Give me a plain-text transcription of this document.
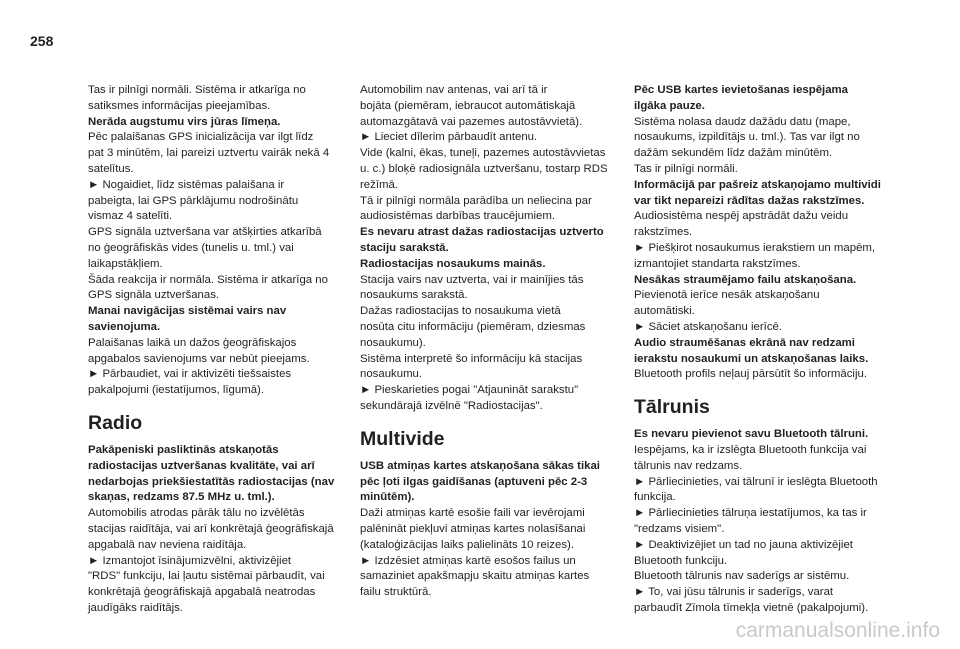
258

Tas ir pilnīgi normāli. Sistēma ir atkarīga no

satiksmes informācijas pieejamības.

Nerāda augstumu virs jūras līmeņa.

Pēc palaišanas GPS inicializācija var ilgt līdz

pat 3 minūtēm, lai pareizi uztvertu vairāk nekā 4

satelītus.

► Nogaidiet, līdz sistēmas palaišana ir

pabeigta, lai GPS pārklājumu nodrošinātu

vismaz 4 satelīti.

GPS signāla uztveršana var atšķirties atkarībā

no ģeogrāfiskās vides (tunelis u. tml.) vai

laikapstākļiem.

Šāda reakcija ir normāla. Sistēma ir atkarīga no

GPS signāla uztveršanas.

Manai navigācijas sistēmai vairs nav

savienojuma.

Palaišanas laikā un dažos ģeogrāfiskajos

apgabalos savienojums var nebūt pieejams.

► Pārbaudiet, vai ir aktivizēti tiešsaistes

pakalpojumi (iestatījumos, līgumā).

Radio

Pakāpeniski pasliktinās atskaņotās

radiostacijas uztveršanas kvalitāte, vai arī

nedarbojas priekšiestatītās radiostacijas (nav

skaņas, redzams 87.5 MHz u. tml.).

Automobilis atrodas pārāk tālu no izvēlētās

stacijas raidītāja, vai arī konkrētajā ģeogrāfiskajā

apgabalā nav neviena raidītāja.

► Izmantojot īsinājumizvēlni, aktivizējiet

"RDS" funkciju, lai ļautu sistēmai pārbaudīt, vai

konkrētajā ģeogrāfiskajā apgabalā neatrodas

jaudīgāks raidītājs.

Automobilim nav antenas, vai arī tā ir

bojāta (piemēram, iebraucot automātiskajā

automazgātavā vai pazemes autostāvvietā).

► Lieciet dīlerim pārbaudīt antenu.

Vide (kalni, ēkas, tuneļi, pazemes autostāvvietas

u. c.) bloķē radiosignāla uztveršanu, tostarp RDS

režīmā.

Tā ir pilnīgi normāla parādība un neliecina par

audiosistēmas darbības traucējumiem.

Es nevaru atrast dažas radiostacijas uztverto

staciju sarakstā.

Radiostacijas nosaukums mainās.

Stacija vairs nav uztverta, vai ir mainījies tās

nosaukums sarakstā.

Dažas radiostacijas to nosaukuma vietā

nosūta citu informāciju (piemēram, dziesmas

nosaukumu).

Sistēma interpretē šo informāciju kā stacijas

nosaukumu.

► Pieskarieties pogai "Atjaunināt sarakstu"

sekundārajā izvēlnē "Radiostacijas".

Multivide

USB atmiņas kartes atskaņošana sākas tikai

pēc ļoti ilgas gaidīšanas (aptuveni pēc 2-3

minūtēm).

Daži atmiņas kartē esošie faili var ievērojami

palēnināt piekļuvi atmiņas kartes nolasīšanai

(kataloģizācijas laiks palielināts 10 reizes).

► Izdzēsiet atmiņas kartē esošos failus un

samaziniet apakšmapju skaitu atmiņas kartes

failu struktūrā.

Pēc USB kartes ievietošanas iespējama

ilgāka pauze.

Sistēma nolasa daudz dažādu datu (mape,

nosaukums, izpildītājs u. tml.). Tas var ilgt no

dažām sekundēm līdz dažām minūtēm.

Tas ir pilnīgi normāli.

Informācijā par pašreiz atskaņojamo multividi

var tikt nepareizi rādītas dažas rakstzīmes.

Audiosistēma nespēj apstrādāt dažu veidu

rakstzīmes.

► Piešķirot nosaukumus ierakstiem un mapēm,

izmantojiet standarta rakstzīmes.

Nesākas straumējamo failu atskaņošana.

Pievienotā ierīce nesāk atskaņošanu

automātiski.

► Sāciet atskaņošanu ierīcē.

Audio straumēšanas ekrānā nav redzami

ierakstu nosaukumi un atskaņošanas laiks.

Bluetooth profils neļauj pārsūtīt šo informāciju.

Tālrunis

Es nevaru pievienot savu Bluetooth tālruni.

Iespējams, ka ir izslēgta Bluetooth funkcija vai

tālrunis nav redzams.

► Pārliecinieties, vai tālrunī ir ieslēgta Bluetooth

funkcija.

► Pārliecinieties tālruņa iestatījumos, ka tas ir

"redzams visiem".

► Deaktivizējiet un tad no jauna aktivizējiet

Bluetooth funkciju.

Bluetooth tālrunis nav saderīgs ar sistēmu.

► To, vai jūsu tālrunis ir saderīgs, varat

parbaudīt Zīmola tīmekļa vietnē (pakalpojumi).

carmanualsonline.info
